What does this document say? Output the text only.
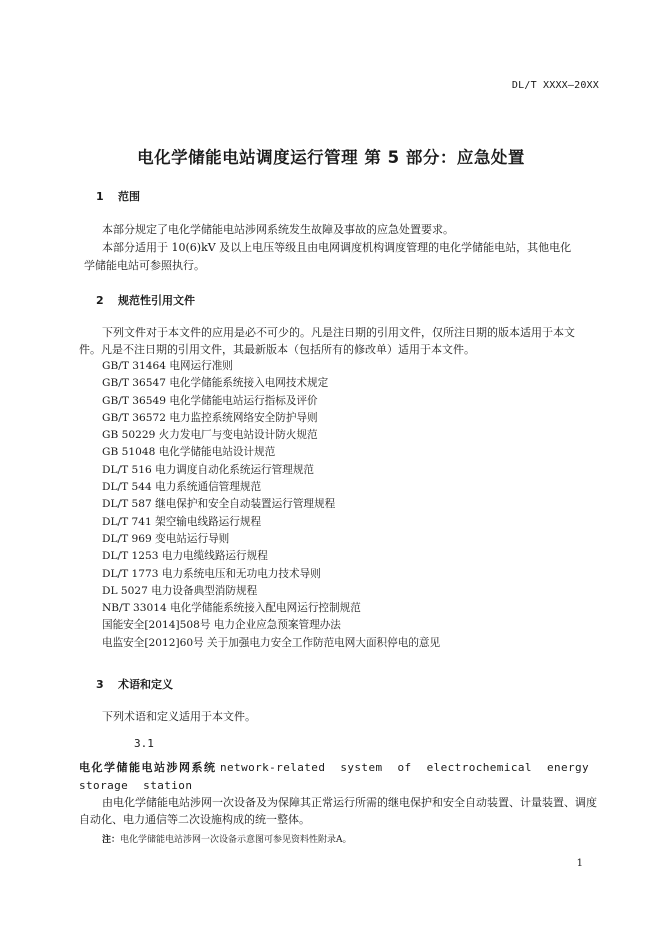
DL/T XXXX—20XX
电化学储能电站调度运行管理 第 5 部分：应急处置
1 范围
本部分规定了电化学储能电站涉网系统发生故障及事故的应急处置要求。
本部分适用于 10(6)kV 及以上电压等级且由电网调度机构调度管理的电化学储能电站，其他电化
学储能电站可参照执行。
2 规范性引用文件
下列文件对于本文件的应用是必不可少的。凡是注日期的引用文件，仅所注日期的版本适用于本文
件。凡是不注日期的引用文件，其最新版本（包括所有的修改单）适用于本文件。
GB/T 31464 电网运行准则
GB/T 36547 电化学储能系统接入电网技术规定
GB/T 36549 电化学储能电站运行指标及评价
GB/T 36572 电力监控系统网络安全防护导则
GB 50229 火力发电厂与变电站设计防火规范
GB 51048 电化学储能电站设计规范
DL/T 516 电力调度自动化系统运行管理规范
DL/T 544 电力系统通信管理规范
DL/T 587 继电保护和安全自动装置运行管理规程
DL/T 741 架空输电线路运行规程
DL/T 969 变电站运行导则
DL/T 1253 电力电缆线路运行规程
DL/T 1773 电力系统电压和无功电力技术导则
DL 5027 电力设备典型消防规程
NB/T 33014 电化学储能系统接入配电网运行控制规范
国能安全[2014]508号 电力企业应急预案管理办法
电监安全[2012]60号 关于加强电力安全工作防范电网大面积停电的意见
3 术语和定义
下列术语和定义适用于本文件。
3.1
电化学储能电站涉网系统 network-related system of electrochemical energy storage station
由电化学储能电站涉网一次设备及为保障其正常运行所需的继电保护和安全自动装置、计量装置、调度自动化、电力通信等二次设施构成的统一整体。
注：电化学储能电站涉网一次设备示意图可参见资料性附录A。
1
